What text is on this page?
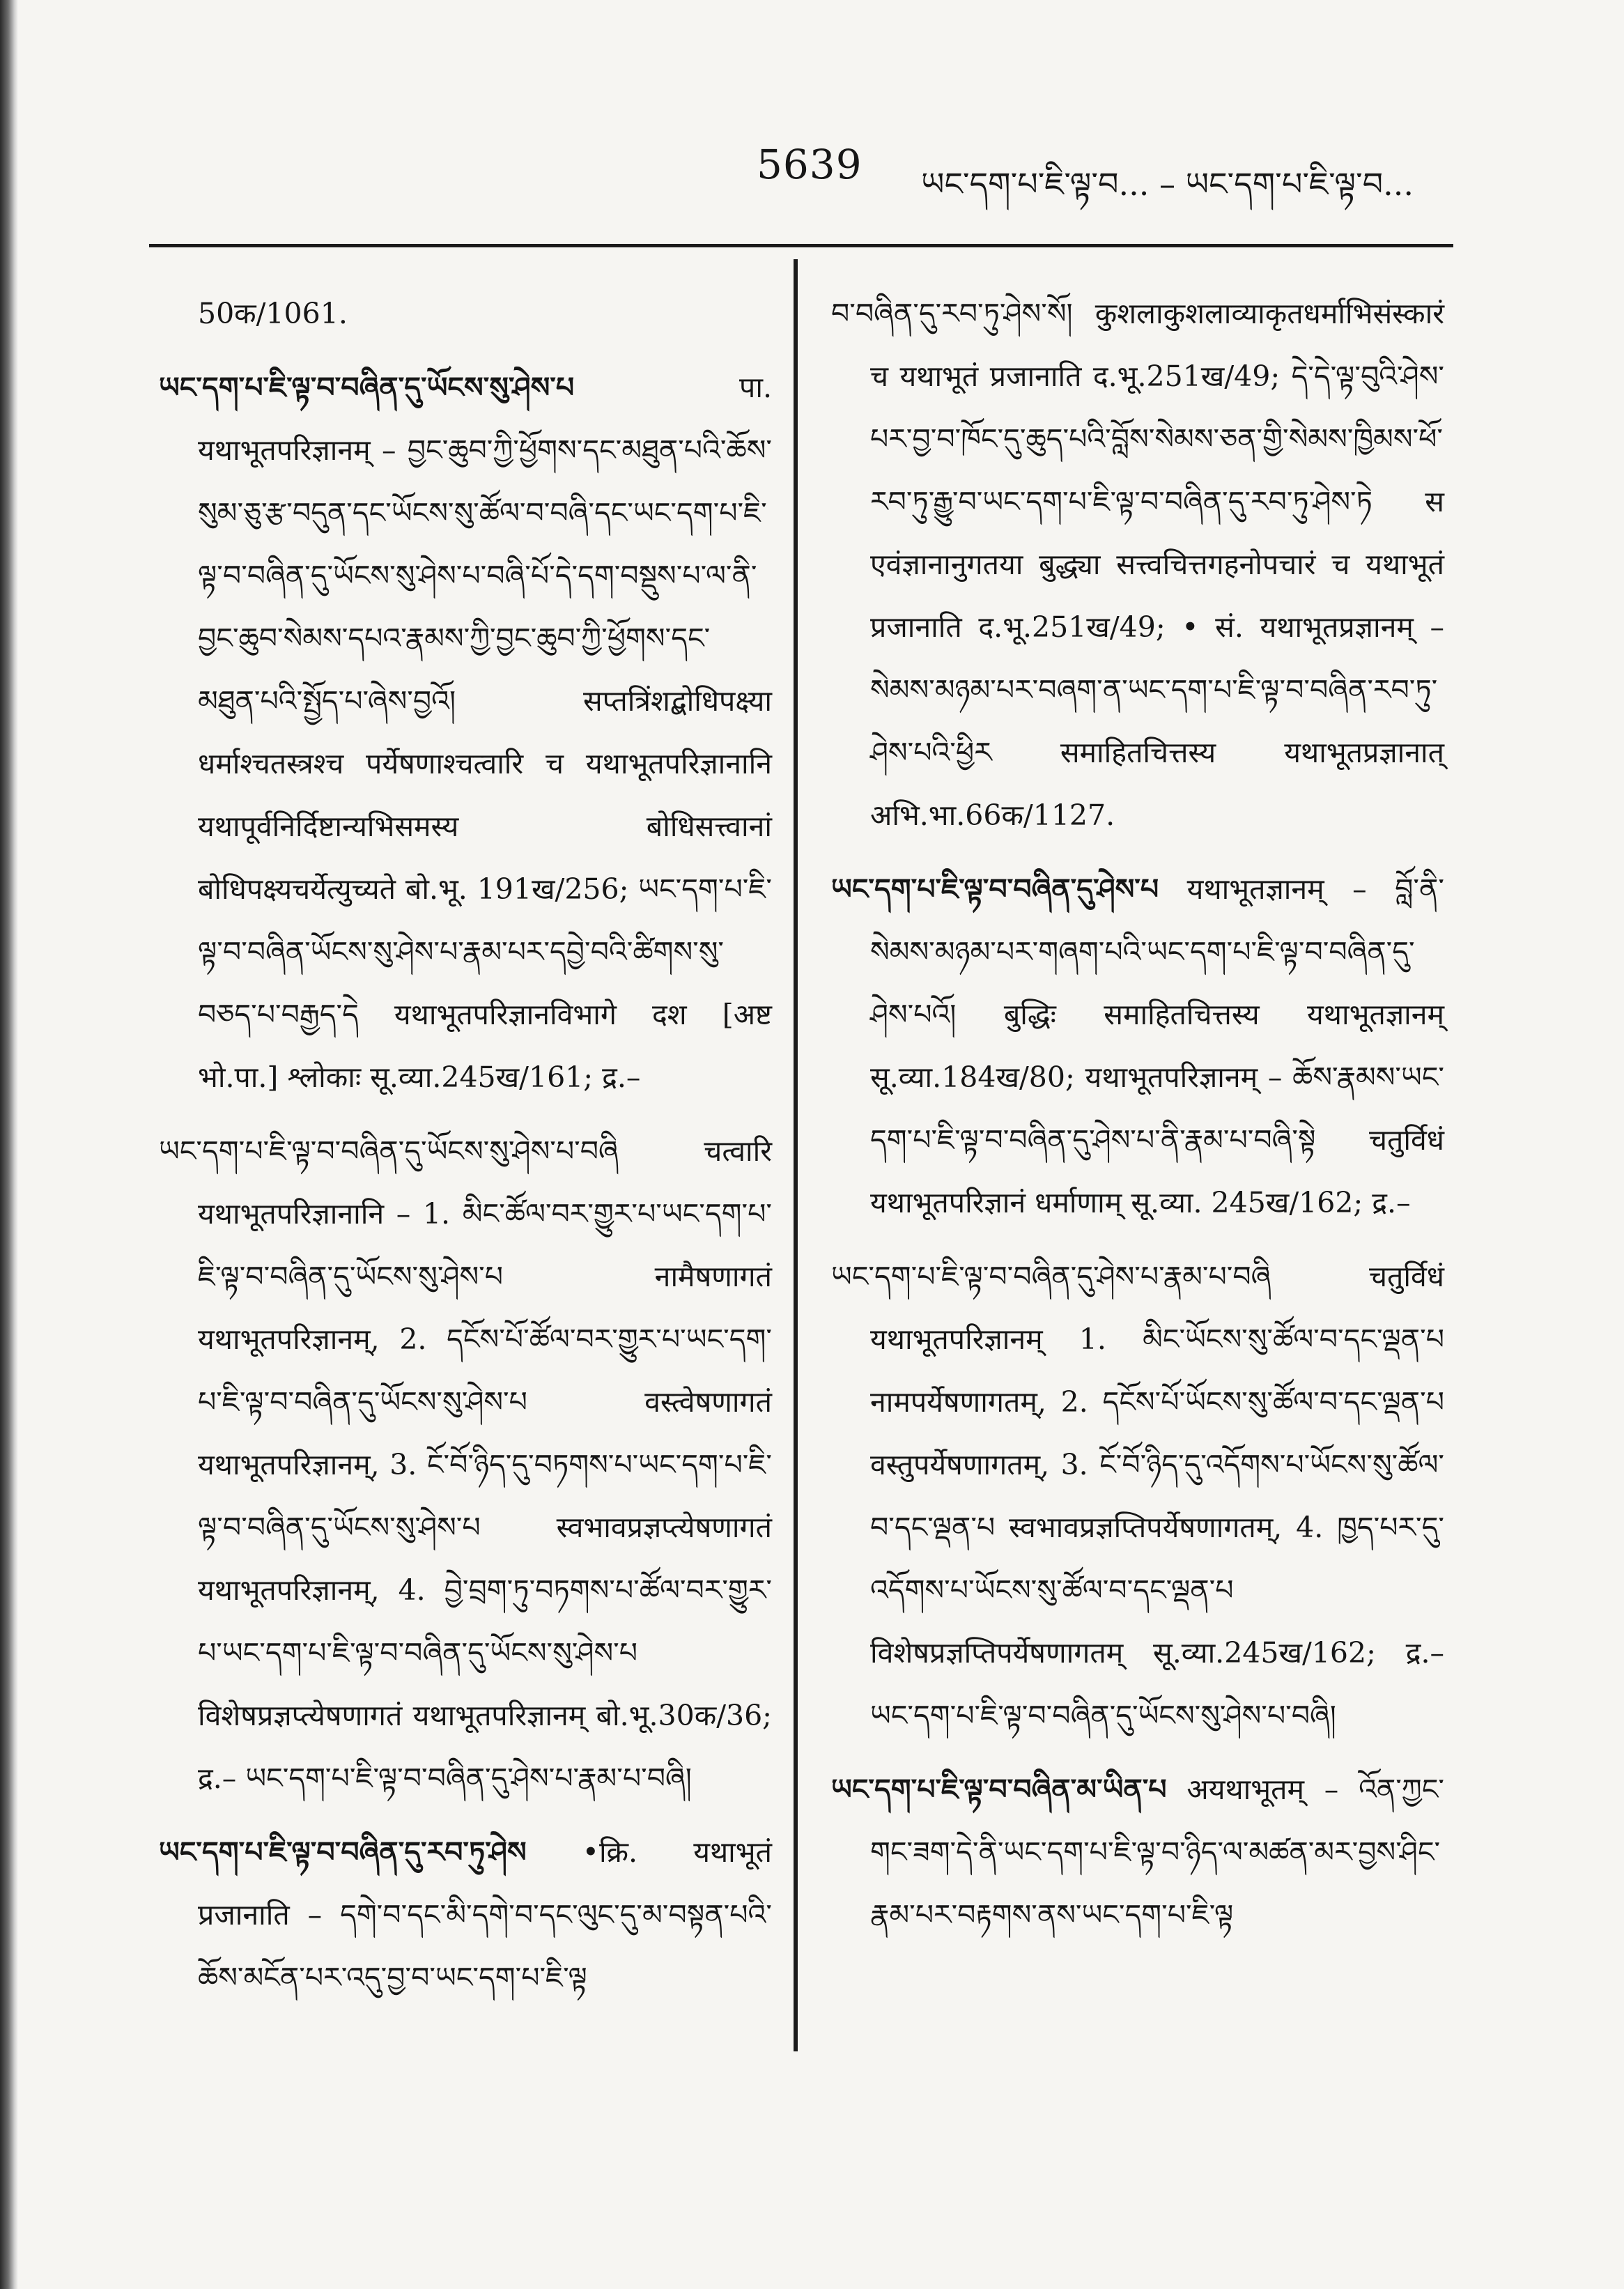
5639 ཡང་དག་པ་ཇི་ལྟ་བ... – ཡང་དག་པ་ཇི་ལྟ་བ...

50क/1061.

ཡང་དག་པ་ཇི་ལྟ་བ་བཞིན་དུ་ཡོངས་སུ་ཤེས་པ पा. यथाभूतपरिज्ञानम् – བྱང་ཆུབ་ཀྱི་ཕྱོགས་དང་མཐུན་པའི་ཆོས་སུམ་ཅུ་རྩ་བདུན་དང་ཡོངས་སུ་ཚོལ་བ་བཞི་དང་ཡང་དག་པ་ཇི་ལྟ་བ་བཞིན་དུ་ཡོངས་སུ་ཤེས་པ་བཞི་པོ་དེ་དག་བསྡུས་པ་ལ་ནི་བྱང་ཆུབ་སེམས་དཔའ་རྣམས་ཀྱི་བྱང་ཆུབ་ཀྱི་ཕྱོགས་དང་མཐུན་པའི་སྤྱོད་པ་ཞེས་བྱའོ། सप्तत्रिंशद्बोधिपक्ष्या धर्माश्चतस्त्रश्च पर्येषणाश्चत्वारि च यथाभूतपरिज्ञानानि यथापूर्वनिर्दिष्टान्यभिसमस्य बोधिसत्त्वानां बोधिपक्ष्यचर्येत्युच्यते बो.भू. 191ख/256; ཡང་དག་པ་ཇི་ལྟ་བ་བཞིན་ཡོངས་སུ་ཤེས་པ་རྣམ་པར་དབྱེ་བའི་ཚིགས་སུ་བཅད་པ་བརྒྱད་དེ यथाभूतपरिज्ञानविभागे दश [अष्ट भो.पा.] श्लोकाः सू.व्या.245ख/161; द्र.–

ཡང་དག་པ་ཇི་ལྟ་བ་བཞིན་དུ་ཡོངས་སུ་ཤེས་པ་བཞི चत्वारि यथाभूतपरिज्ञानानि – 1. མིང་ཚོལ་བར་གྱུར་པ་ཡང་དག་པ་ཇི་ལྟ་བ་བཞིན་དུ་ཡོངས་སུ་ཤེས་པ नामैषणागतं यथाभूतपरिज्ञानम्, 2. དངོས་པོ་ཚོལ་བར་གྱུར་པ་ཡང་དག་པ་ཇི་ལྟ་བ་བཞིན་དུ་ཡོངས་སུ་ཤེས་པ वस्त्वेषणागतं यथाभूतपरिज्ञानम्, 3. ངོ་བོ་ཉིད་དུ་བཏགས་པ་ཡང་དག་པ་ཇི་ལྟ་བ་བཞིན་དུ་ཡོངས་སུ་ཤེས་པ स्वभावप्रज्ञप्त्येषणागतं यथाभूतपरिज्ञानम्, 4. བྱེ་བྲག་ཏུ་བཏགས་པ་ཚོལ་བར་གྱུར་པ་ཡང་དག་པ་ཇི་ལྟ་བ་བཞིན་དུ་ཡོངས་སུ་ཤེས་པ विशेषप्रज्ञप्त्येषणागतं यथाभूतपरिज्ञानम् बो.भू.30क/36; द्र.– ཡང་དག་པ་ཇི་ལྟ་བ་བཞིན་དུ་ཤེས་པ་རྣམ་པ་བཞི།

ཡང་དག་པ་ཇི་ལྟ་བ་བཞིན་དུ་རབ་ཏུ་ཤེས •क्रि. यथाभूतं प्रजानाति – དགེ་བ་དང་མི་དགེ་བ་དང་ལུང་དུ་མ་བསྟན་པའི་ཆོས་མངོན་པར་འདུ་བྱ་བ་ཡང་དག་པ་ཇི་ལྟ

བ་བཞིན་དུ་རབ་ཏུ་ཤེས་སོ། कुशलाकुशलाव्याकृतधर्माभिसंस्कारं च यथाभूतं प्रजानाति द.भू.251ख/49; དེ་དེ་ལྟ་བུའི་ཤེས་པར་བྱ་བ་ཁོང་དུ་ཆུད་པའི་བློས་སེམས་ཅན་གྱི་སེམས་ཁྱིམས་ཕོ་རབ་ཏུ་རྒྱུ་བ་ཡང་དག་པ་ཇི་ལྟ་བ་བཞིན་དུ་རབ་ཏུ་ཤེས་ཏེ स एवंज्ञानानुगतया बुद्ध्या सत्त्वचित्तगहनोपचारं च यथाभूतं प्रजानाति द.भू.251ख/49; • सं. यथाभूतप्रज्ञानम् – སེམས་མཉམ་པར་བཞག་ན་ཡང་དག་པ་ཇི་ལྟ་བ་བཞིན་རབ་ཏུ་ཤེས་པའི་ཕྱིར समाहितचित्तस्य यथाभूतप्रज्ञानात् अभि.भा.66क/1127.

ཡང་དག་པ་ཇི་ལྟ་བ་བཞིན་དུ་ཤེས་པ यथाभूतज्ञानम् – བློ་ནི་སེམས་མཉམ་པར་གཞག་པའི་ཡང་དག་པ་ཇི་ལྟ་བ་བཞིན་དུ་ཤེས་པའོ། बुद्धिः समाहितचित्तस्य यथाभूतज्ञानम् सू.व्या.184ख/80; यथाभूतपरिज्ञानम् – ཆོས་རྣམས་ཡང་དག་པ་ཇི་ལྟ་བ་བཞིན་དུ་ཤེས་པ་ནི་རྣམ་པ་བཞི་སྟེ चतुर्विधं यथाभूतपरिज्ञानं धर्माणाम् सू.व्या. 245ख/162; द्र.–

ཡང་དག་པ་ཇི་ལྟ་བ་བཞིན་དུ་ཤེས་པ་རྣམ་པ་བཞི चतुर्विधं यथाभूतपरिज्ञानम् 1. མིང་ཡོངས་སུ་ཚོལ་བ་དང་ལྡན་པ नामपर्येषणागतम्, 2. དངོས་པོ་ཡོངས་སུ་ཚོལ་བ་དང་ལྡན་པ वस्तुपर्येषणागतम्, 3. ངོ་བོ་ཉིད་དུ་འདོགས་པ་ཡོངས་སུ་ཚོལ་བ་དང་ལྡན་པ स्वभावप्रज्ञप्तिपर्येषणागतम्, 4. ཁྱད་པར་དུ་འདོགས་པ་ཡོངས་སུ་ཚོལ་བ་དང་ལྡན་པ विशेषप्रज्ञप्तिपर्येषणागतम् सू.व्या.245ख/162; द्र.– ཡང་དག་པ་ཇི་ལྟ་བ་བཞིན་དུ་ཡོངས་སུ་ཤེས་པ་བཞི།

ཡང་དག་པ་ཇི་ལྟ་བ་བཞིན་མ་ཡིན་པ अयथाभूतम् – འོན་ཀྱང་གང་ཟག་དེ་ནི་ཡང་དག་པ་ཇི་ལྟ་བ་ཉིད་ལ་མཚན་མར་བྱས་ཤིང་རྣམ་པར་བརྟགས་ནས་ཡང་དག་པ་ཇི་ལྟ
